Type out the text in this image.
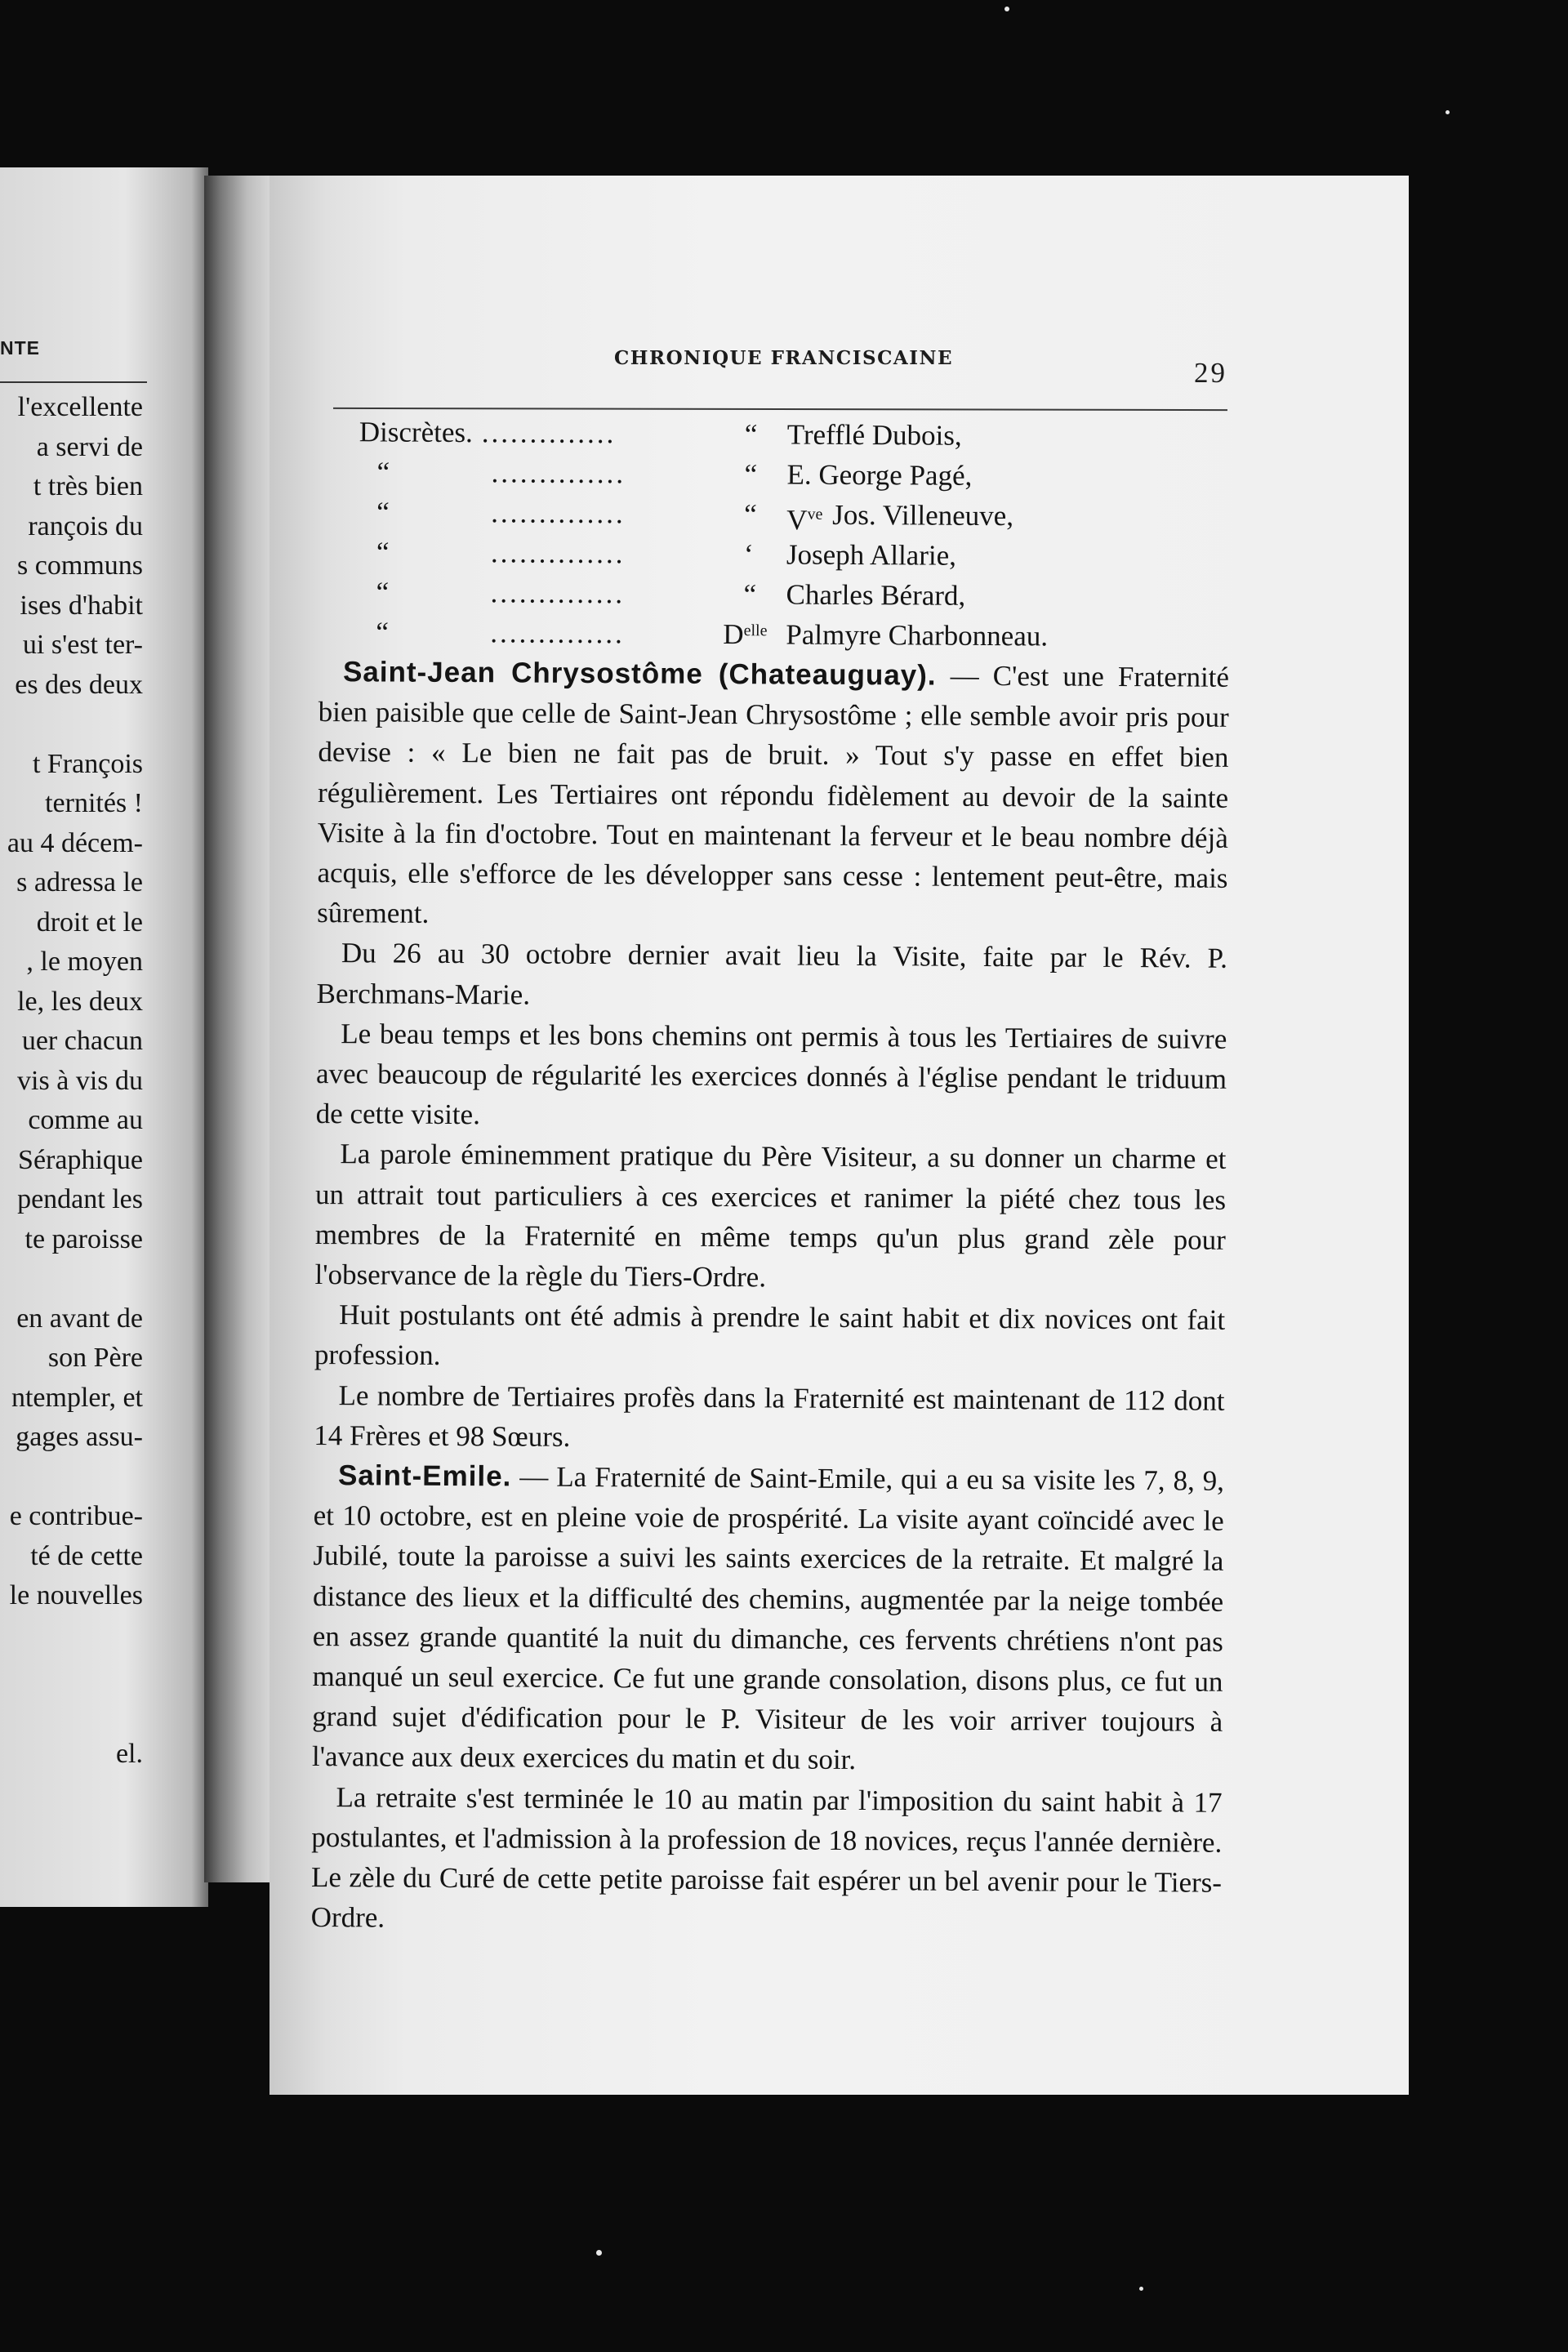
NTE
l'excellente
a servi de
t très bien
rançois du
s communs
ises d'habit
ui s'est ter-
es des deux

t François
ternités !
au 4 décem-
s adressa le
droit et le
, le moyen
le, les deux
uer chacun
vis à vis du
comme au
Séraphique
pendant les
te paroisse

en avant de
son Père
ntempler, et
gages assu-

e contribue-
té de cette
le nouvelles

el.
CHRONIQUE FRANCISCAINE	29
Discrètes. ..............	“ Trefflé Dubois,
“	..............	“ E. George Pagé,
“	..............	“ $V^{ve}$ Jos. Villeneuve,
“	..............	‘ Joseph Allarie,
“	..............	“ Charles Bérard,
“	..............	$D^{elle}$ Palmyre Charbonneau.

Saint-Jean Chrysostôme (Chateauguay). — C'est une Fraternité bien paisible que celle de Saint-Jean Chrysostôme ; elle semble avoir pris pour devise : « Le bien ne fait pas de bruit. » Tout s'y passe en effet bien régulièrement. Les Tertiaires ont répondu fidèlement au devoir de la sainte Visite à la fin d'octobre. Tout en maintenant la ferveur et le beau nombre déjà acquis, elle s'efforce de les développer sans cesse : lentement peut-être, mais sûrement.

Du 26 au 30 octobre dernier avait lieu la Visite, faite par le Rév. P. Berchmans-Marie.

Le beau temps et les bons chemins ont permis à tous les Tertiaires de suivre avec beaucoup de régularité les exercices donnés à l'église pendant le triduum de cette visite.

La parole éminemment pratique du Père Visiteur, a su donner un charme et un attrait tout particuliers à ces exercices et ranimer la piété chez tous les membres de la Fraternité en même temps qu'un plus grand zèle pour l'observance de la règle du Tiers-Ordre.

Huit postulants ont été admis à prendre le saint habit et dix novices ont fait profession.

Le nombre de Tertiaires profès dans la Fraternité est maintenant de 112 dont 14 Frères et 98 Sœurs.

Saint-Emile. — La Fraternité de Saint-Emile, qui a eu sa visite les 7, 8, 9, et 10 octobre, est en pleine voie de prospérité. La visite ayant coïncidé avec le Jubilé, toute la paroisse a suivi les saints exercices de la retraite. Et malgré la distance des lieux et la difficulté des chemins, augmentée par la neige tombée en assez grande quantité la nuit du dimanche, ces fervents chrétiens n'ont pas manqué un seul exercice. Ce fut une grande consolation, disons plus, ce fut un grand sujet d'édification pour le P. Visiteur de les voir arriver toujours à l'avance aux deux exercices du matin et du soir.

La retraite s'est terminée le 10 au matin par l'imposition du saint habit à 17 postulantes, et l'admission à la profession de 18 novices, reçus l'année dernière. Le zèle du Curé de cette petite paroisse fait espérer un bel avenir pour le Tiers-Ordre.
